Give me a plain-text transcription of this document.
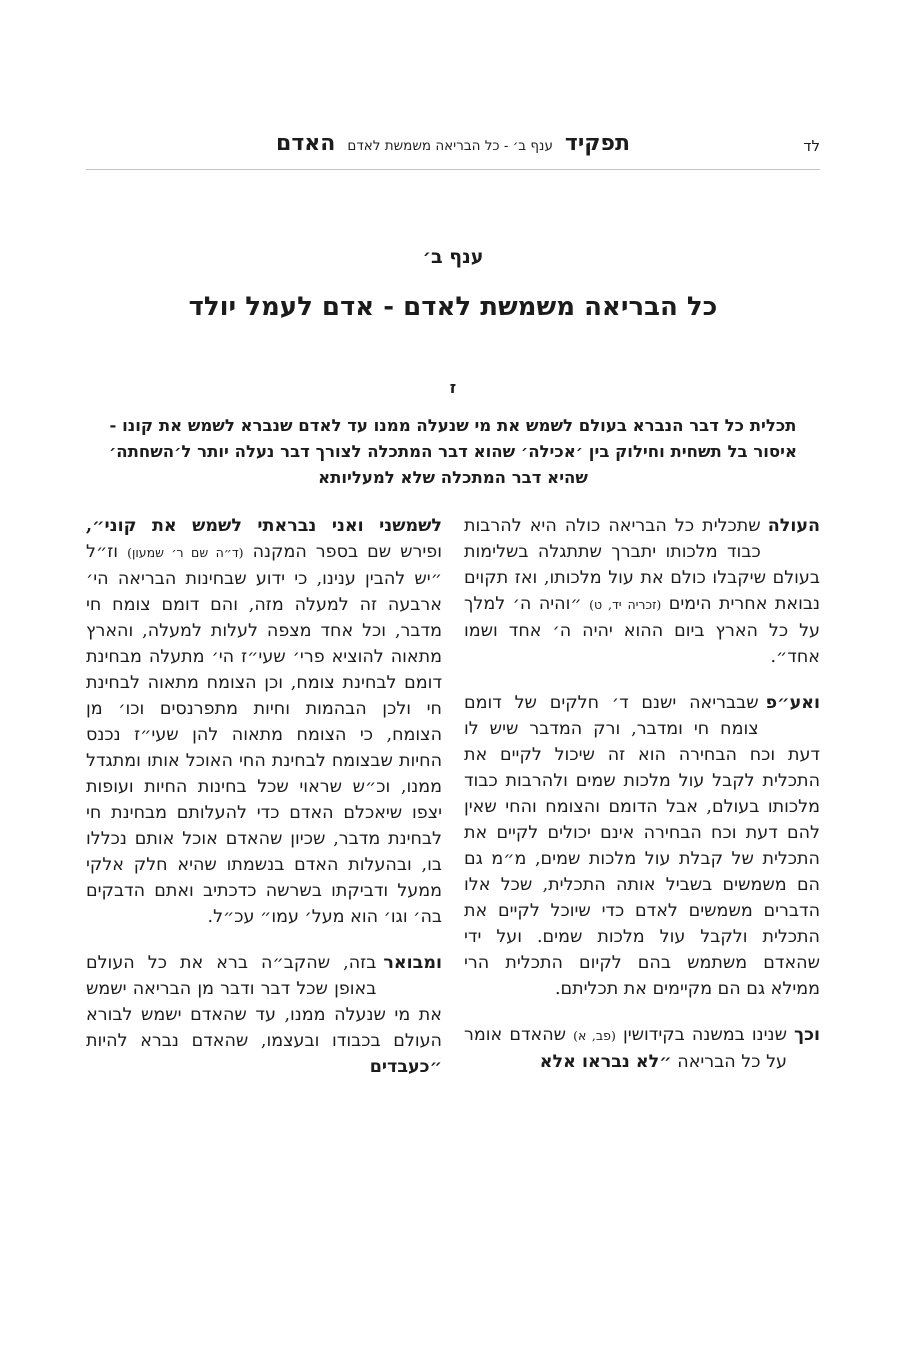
תפקיד
ענף ב׳ - כל הבריאה משמשת לאדם
האדם	לד
ענף ב׳
כל הבריאה משמשת לאדם - אדם לעמל יולד
ז

תכלית כל דבר הנברא בעולם לשמש את מי שנעלה ממנו עד לאדם שנברא לשמש את קונו - איסור בל תשחית וחילוק בין ׳אכילה׳ שהוא דבר המתכלה לצורך דבר נעלה יותר ל׳השחתה׳ שהיא דבר המתכלה שלא למעליותא

העולה
שתכלית כל הבריאה כולה היא להרבות כבוד מלכותו יתברך שתתגלה בשלימות בעולם שיקבלו כולם את עול מלכותו, ואז תקוים נבואת אחרית הימים (זכריה יד, ט) ״והיה ה׳ למלך על כל הארץ ביום ההוא יהיה ה׳ אחד ושמו אחד״.

ואע״פ
שבבריאה ישנם ד׳ חלקים של דומם צומח חי ומדבר, ורק המדבר שיש לו דעת וכח הבחירה הוא זה שיכול לקיים את התכלית לקבל עול מלכות שמים ולהרבות כבוד מלכותו בעולם, אבל הדומם והצומח והחי שאין להם דעת וכח הבחירה אינם יכולים לקיים את התכלית של קבלת עול מלכות שמים, מ״מ גם הם משמשים בשביל אותה התכלית, שכל אלו הדברים משמשים לאדם כדי שיוכל לקיים את התכלית ולקבל עול מלכות שמים. ועל ידי שהאדם משתמש בהם לקיום התכלית הרי ממילא גם הם מקיימים את תכליתם.

וכך
שנינו במשנה בקידושין (פב, א) שהאדם אומר על כל הבריאה ״לא נבראו אלא

לשמשני ואני נבראתי לשמש את קוני״, ופירש שם בספר המקנה (ד״ה שם ר׳ שמעון) וז״ל ״יש להבין ענינו, כי ידוע שבחינות הבריאה הי׳ ארבעה זה למעלה מזה, והם דומם צומח חי מדבר, וכל אחד מצפה לעלות למעלה, והארץ מתאוה להוציא פרי׳ שעי״ז הי׳ מתעלה מבחינת דומם לבחינת צומח, וכן הצומח מתאוה לבחינת חי ולכן הבהמות וחיות מתפרנסים וכו׳ מן הצומח, כי הצומח מתאוה להן שעי״ז נכנס החיות שבצומח לבחינת החי האוכל אותו ומתגדל ממנו, וכ״ש שראוי שכל בחינות החיות ועופות יצפו שיאכלם האדם כדי להעלותם מבחינת חי לבחינת מדבר, שכיון שהאדם אוכל אותם נכללו בו, ובהעלות האדם בנשמתו שהיא חלק אלקי ממעל ודביקתו בשרשה כדכתיב ואתם הדבקים בה׳ וגו׳ הוא מעל׳ עמו״ עכ״ל.

ומבואר
בזה, שהקב״ה ברא את כל העולם באופן שכל דבר ודבר מן הבריאה ישמש את מי שנעלה ממנו, עד שהאדם ישמש לבורא העולם בכבודו ובעצמו, שהאדם נברא להיות ״כעבדים
